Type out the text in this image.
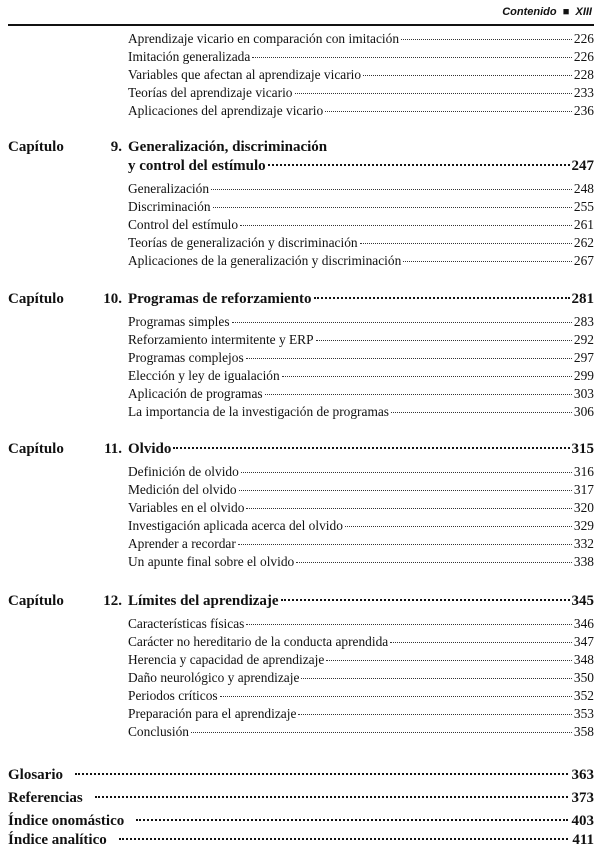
Contenido  ■  XIII
Aprendizaje vicario en comparación con imitación	226
Imitación generalizada	226
Variables que afectan al aprendizaje vicario	228
Teorías del aprendizaje vicario	233
Aplicaciones del aprendizaje vicario	236
Capítulo	9. Generalización, discriminación
y control del estímulo	247
Generalización	248
Discriminación	255
Control del estímulo	261
Teorías de generalización y discriminación	262
Aplicaciones de la generalización y discriminación	267
Capítulo	10. Programas de reforzamiento	281
Programas simples	283
Reforzamiento intermitente y ERP	292
Programas complejos	297
Elección y ley de igualación	299
Aplicación de programas	303
La importancia de la investigación de programas	306
Capítulo	11. Olvido	315
Definición de olvido	316
Medición del olvido	317
Variables en el olvido	320
Investigación aplicada acerca del olvido	329
Aprender a recordar	332
Un apunte final sobre el olvido	338
Capítulo	12. Límites del aprendizaje	345
Características físicas	346
Carácter no hereditario de la conducta aprendida	347
Herencia y capacidad de aprendizaje	348
Daño neurológico y aprendizaje	350
Periodos críticos	352
Preparación para el aprendizaje	353
Conclusión	358
Glosario	363
Referencias	373
Índice onomástico	403
Índice analítico	411
